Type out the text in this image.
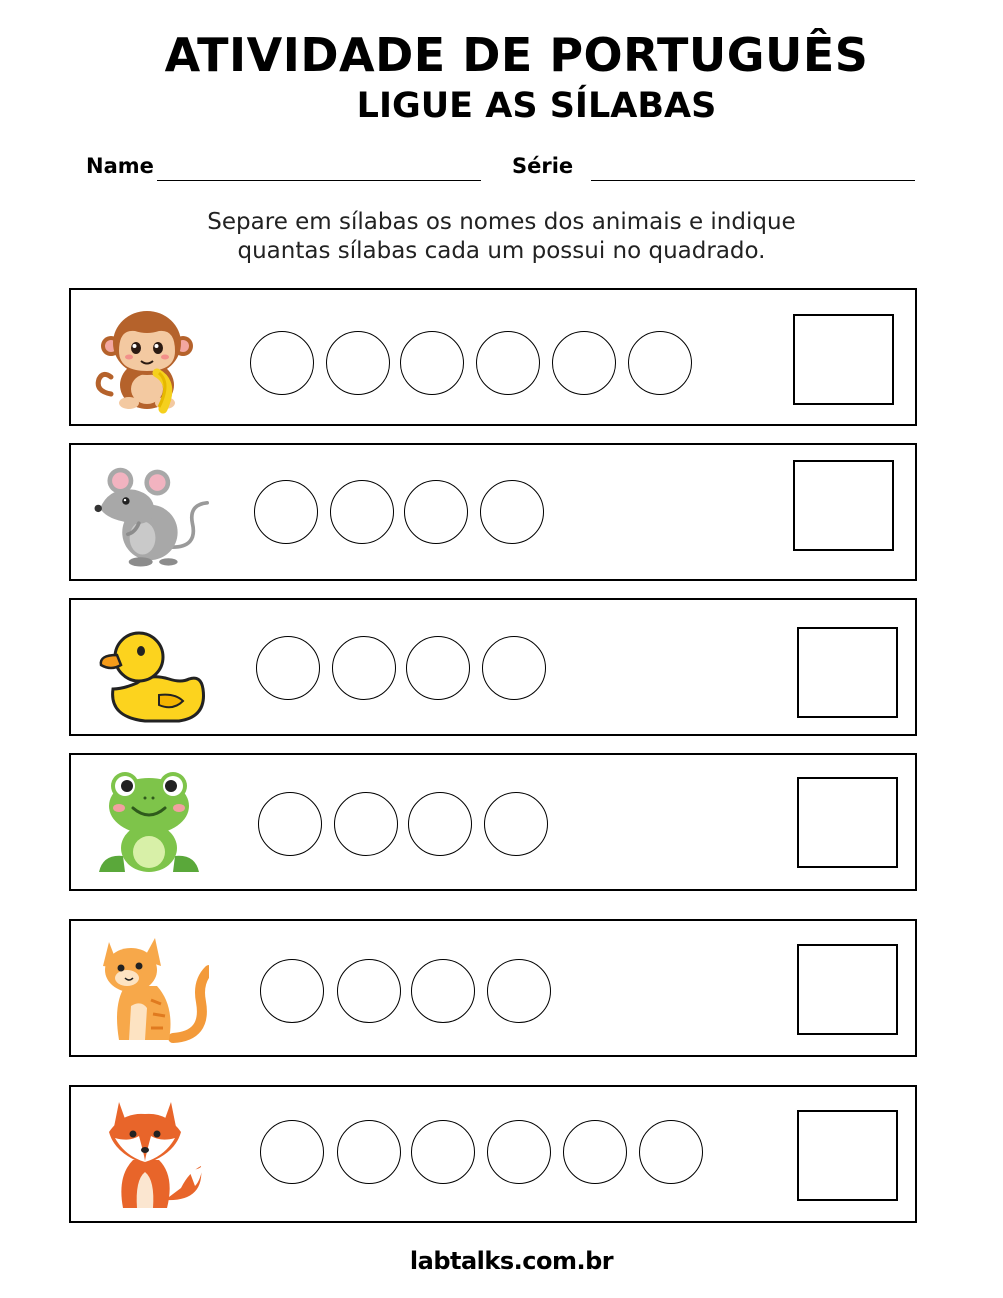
ATIVIDADE DE PORTUGUÊS
LIGUE AS SÍLABAS
Name	Série
Separe em sílabas os nomes dos animais e indique
quantas sílabas cada um possui no quadrado.
labtalks.com.br
